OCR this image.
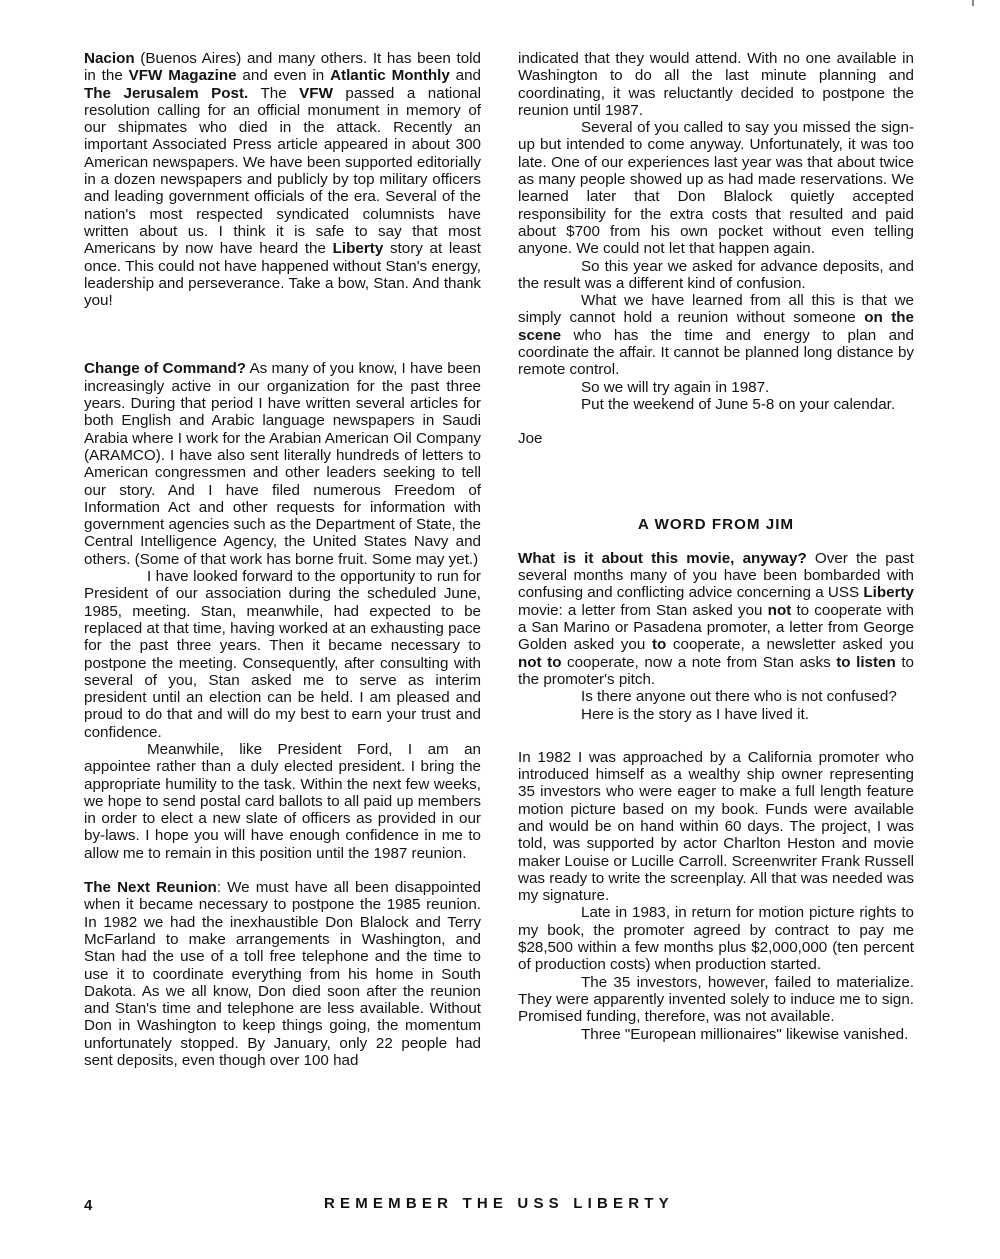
Nacion (Buenos Aires) and many others. It has been told in the VFW Magazine and even in Atlantic Monthly and The Jerusalem Post. The VFW passed a national resolution calling for an official monument in memory of our shipmates who died in the attack. Recently an important Associated Press article appeared in about 300 American newspapers. We have been supported editorially in a dozen newspapers and publicly by top military officers and leading government officials of the era. Several of the nation's most respected syndicated columnists have written about us. I think it is safe to say that most Americans by now have heard the Liberty story at least once. This could not have happened without Stan's energy, leadership and perseverance. Take a bow, Stan. And thank you!

Change of Command? As many of you know, I have been increasingly active in our organization for the past three years. During that period I have written several articles for both English and Arabic language newspapers in Saudi Arabia where I work for the Arabian American Oil Company (ARAMCO). I have also sent literally hundreds of letters to American congressmen and other leaders seeking to tell our story. And I have filed numerous Freedom of Information Act and other requests for information with government agencies such as the Department of State, the Central Intelligence Agency, the United States Navy and others. (Some of that work has borne fruit. Some may yet.)

I have looked forward to the opportunity to run for President of our association during the scheduled June, 1985, meeting. Stan, meanwhile, had expected to be replaced at that time, having worked at an exhausting pace for the past three years. Then it became necessary to postpone the meeting. Consequently, after consulting with several of you, Stan asked me to serve as interim president until an election can be held. I am pleased and proud to do that and will do my best to earn your trust and confidence.

Meanwhile, like President Ford, I am an appointee rather than a duly elected president. I bring the appropriate humility to the task. Within the next few weeks, we hope to send postal card ballots to all paid up members in order to elect a new slate of officers as provided in our by-laws. I hope you will have enough confidence in me to allow me to remain in this position until the 1987 reunion.

The Next Reunion: We must have all been disappointed when it became necessary to postpone the 1985 reunion. In 1982 we had the inexhaustible Don Blalock and Terry McFarland to make arrangements in Washington, and Stan had the use of a toll free telephone and the time to use it to coordinate everything from his home in South Dakota. As we all know, Don died soon after the reunion and Stan's time and telephone are less available. Without Don in Washington to keep things going, the momentum unfortunately stopped. By January, only 22 people had sent deposits, even though over 100 had

indicated that they would attend. With no one available in Washington to do all the last minute planning and coordinating, it was reluctantly decided to postpone the reunion until 1987.

Several of you called to say you missed the sign-up but intended to come anyway. Unfortunately, it was too late. One of our experiences last year was that about twice as many people showed up as had made reservations. We learned later that Don Blalock quietly accepted responsibility for the extra costs that resulted and paid about $700 from his own pocket without even telling anyone. We could not let that happen again.

So this year we asked for advance deposits, and the result was a different kind of confusion.

What we have learned from all this is that we simply cannot hold a reunion without someone on the scene who has the time and energy to plan and coordinate the affair. It cannot be planned long distance by remote control.

So we will try again in 1987.

Put the weekend of June 5-8 on your calendar.

Joe

A WORD FROM JIM

What is it about this movie, anyway? Over the past several months many of you have been bombarded with confusing and conflicting advice concerning a USS Liberty movie: a letter from Stan asked you not to cooperate with a San Marino or Pasadena promoter, a letter from George Golden asked you to cooperate, a newsletter asked you not to cooperate, now a note from Stan asks to listen to the promoter's pitch.

Is there anyone out there who is not confused?

Here is the story as I have lived it.

In 1982 I was approached by a California promoter who introduced himself as a wealthy ship owner representing 35 investors who were eager to make a full length feature motion picture based on my book. Funds were available and would be on hand within 60 days. The project, I was told, was supported by actor Charlton Heston and movie maker Louise or Lucille Carroll. Screenwriter Frank Russell was ready to write the screenplay. All that was needed was my signature.

Late in 1983, in return for motion picture rights to my book, the promoter agreed by contract to pay me $28,500 within a few months plus $2,000,000 (ten percent of production costs) when production started.

The 35 investors, however, failed to materialize. They were apparently invented solely to induce me to sign. Promised funding, therefore, was not available.

Three "European millionaires" likewise vanished.

4	REMEMBER THE USS LIBERTY
